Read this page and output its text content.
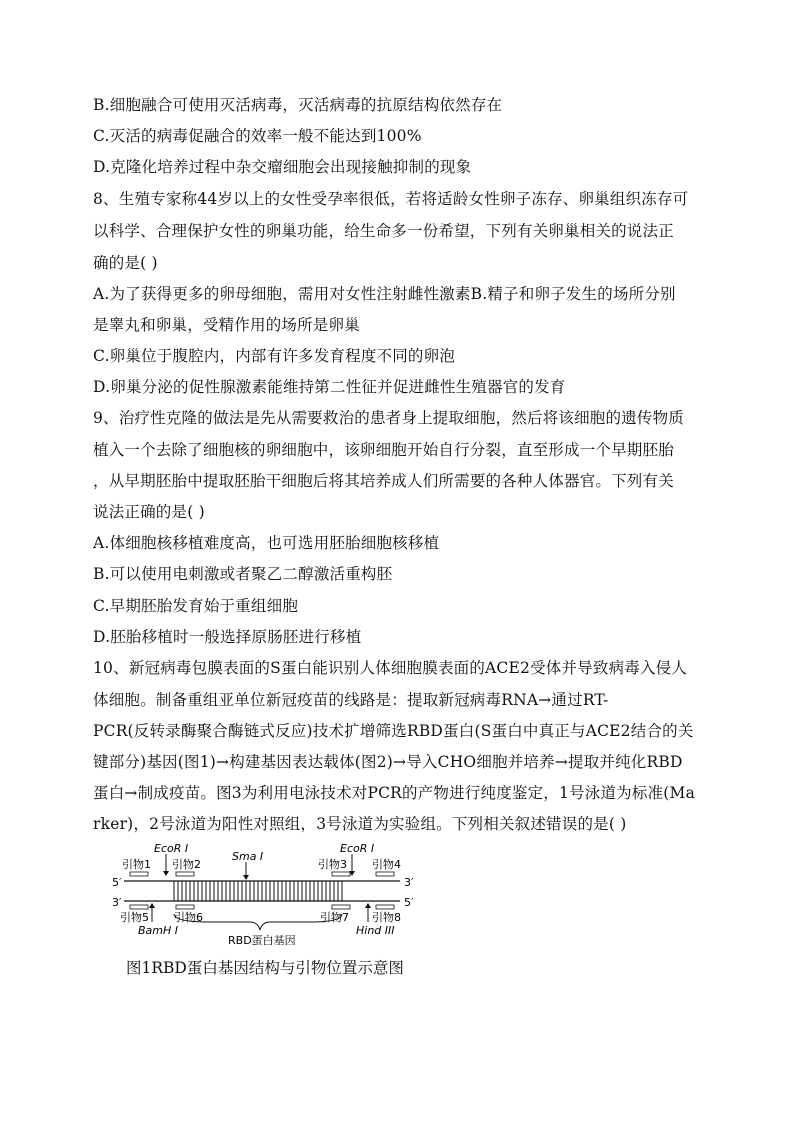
B.细胞融合可使用灭活病毒，灭活病毒的抗原结构依然存在
C.灭活的病毒促融合的效率一般不能达到100%
D.克隆化培养过程中杂交瘤细胞会出现接触抑制的现象
8、生殖专家称44岁以上的女性受孕率很低，若将适龄女性卵子冻存、卵巢组织冻存可
以科学、合理保护女性的卵巢功能，给生命多一份希望，下列有关卵巢相关的说法正
确的是( )
A.为了获得更多的卵母细胞，需用对女性注射雌性激素B.精子和卵子发生的场所分别
是睾丸和卵巢，受精作用的场所是卵巢
C.卵巢位于腹腔内，内部有许多发育程度不同的卵泡
D.卵巢分泌的促性腺激素能维持第二性征并促进雌性生殖器官的发育
9、治疗性克隆的做法是先从需要救治的患者身上提取细胞，然后将该细胞的遗传物质
植入一个去除了细胞核的卵细胞中，该卵细胞开始自行分裂，直至形成一个早期胚胎
，从早期胚胎中提取胚胎干细胞后将其培养成人们所需要的各种人体器官。下列有关
说法正确的是( )
A.体细胞核移植难度高，也可选用胚胎细胞核移植
B.可以使用电刺激或者聚乙二醇激活重构胚
C.早期胚胎发育始于重组细胞
D.胚胎移植时一般选择原肠胚进行移植
10、新冠病毒包膜表面的S蛋白能识别人体细胞膜表面的ACE2受体并导致病毒入侵人
体细胞。制备重组亚单位新冠疫苗的线路是：提取新冠病毒RNA→通过RT-
PCR(反转录酶聚合酶链式反应)技术扩增筛选RBD蛋白(S蛋白中真正与ACE2结合的关
键部分)基因(图1)→构建基因表达载体(图2)→导入CHO细胞并培养→提取并纯化RBD
蛋白→制成疫苗。图3为利用电泳技术对PCR的产物进行纯度鉴定，1号泳道为标准(Ma
rker)，2号泳道为阳性对照组，3号泳道为实验组。下列相关叙述错误的是( )
引物1
EcoR I
引物2
Sma I
引物3
EcoR I
引物4
5′	3′
3′	5′
引物5 引物6	引物7 引物8
BamH I	Hind III
RBD蛋白基因
图1RBD蛋白基因结构与引物位置示意图
